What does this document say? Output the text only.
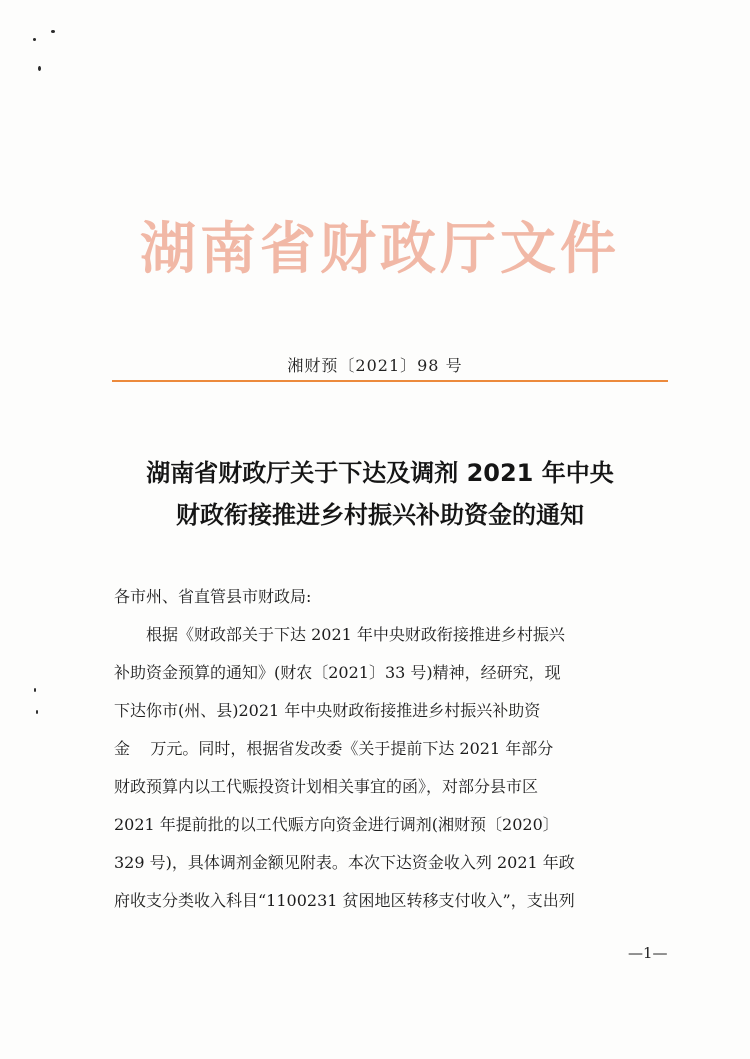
湖南省财政厅文件
湘财预〔2021〕98 号
湖南省财政厅关于下达及调剂 2021 年中央
财政衔接推进乡村振兴补助资金的通知
各市州、省直管县市财政局:
根据《财政部关于下达 2021 年中央财政衔接推进乡村振兴
补助资金预算的通知》(财农〔2021〕33 号)精神，经研究，现
下达你市(州、县)2021 年中央财政衔接推进乡村振兴补助资
金    万元。同时，根据省发改委《关于提前下达 2021 年部分
财政预算内以工代赈投资计划相关事宜的函》，对部分县市区
2021 年提前批的以工代赈方向资金进行调剂(湘财预〔2020〕
329 号)，具体调剂金额见附表。本次下达资金收入列 2021 年政
府收支分类收入科目“1100231 贫困地区转移支付收入”，支出列
—1—
